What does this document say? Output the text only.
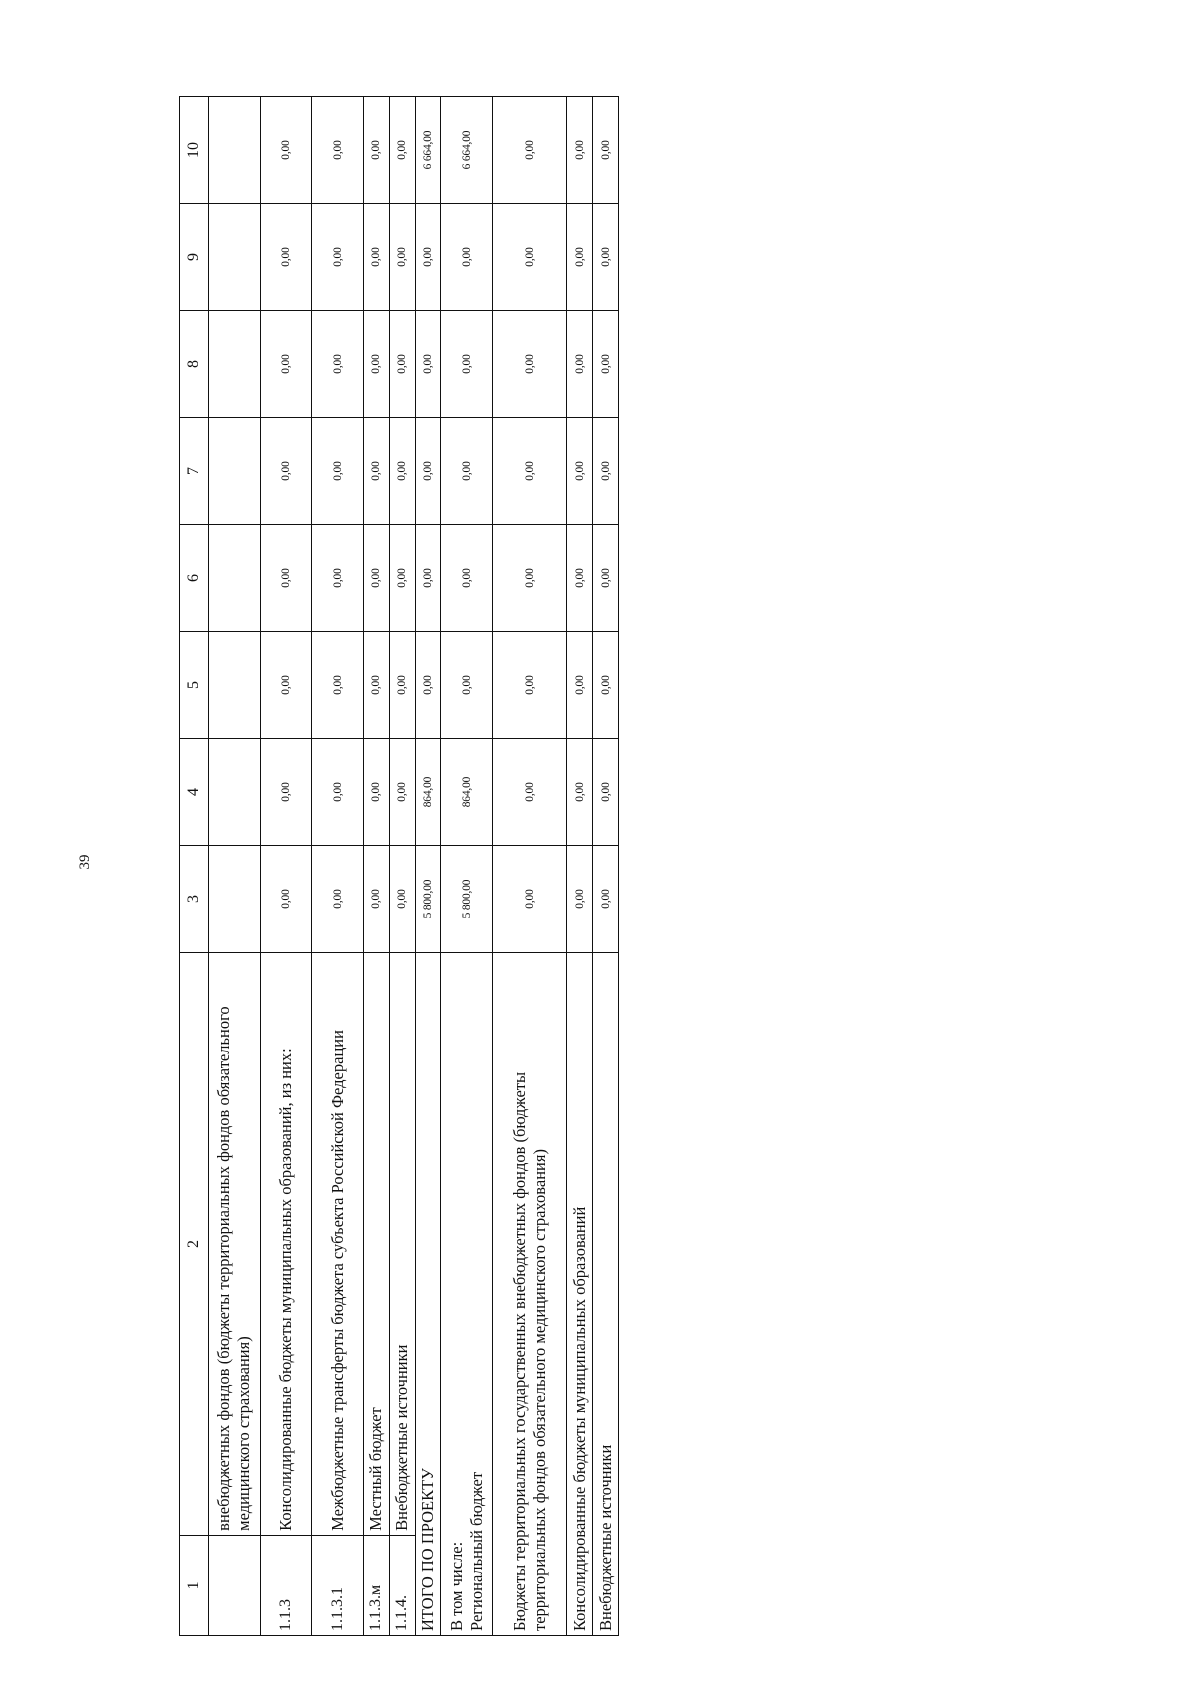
39
1	2	3	4	5	6	7	8	9	10
	внебюджетных фондов (бюджеты территориальных фондов обязательного медицинского страхования)								
1.1.3	Консолидированные бюджеты муниципальных образований, из них:	0,00	0,00	0,00	0,00	0,00	0,00	0,00	0,00
1.1.3.1	Межбюджетные трансферты бюджета субъекта Российской Федерации	0,00	0,00	0,00	0,00	0,00	0,00	0,00	0,00
1.1.3.м	Местный бюджет	0,00	0,00	0,00	0,00	0,00	0,00	0,00	0,00
1.1.4.	Внебюджетные источники	0,00	0,00	0,00	0,00	0,00	0,00	0,00	0,00
ИТОГО ПО ПРОЕКТУ		5 800,00	864,00	0,00	0,00	0,00	0,00	0,00	6 664,00
В том числе:
Региональный бюджет		5 800,00	864,00	0,00	0,00	0,00	0,00	0,00	6 664,00
Бюджеты территориальных государственных внебюджетных фондов (бюджеты территориальных фондов обязательного медицинского страхования)		0,00	0,00	0,00	0,00	0,00	0,00	0,00	0,00
Консолидированные бюджеты муниципальных образований		0,00	0,00	0,00	0,00	0,00	0,00	0,00	0,00
Внебюджетные источники		0,00	0,00	0,00	0,00	0,00	0,00	0,00	0,00
